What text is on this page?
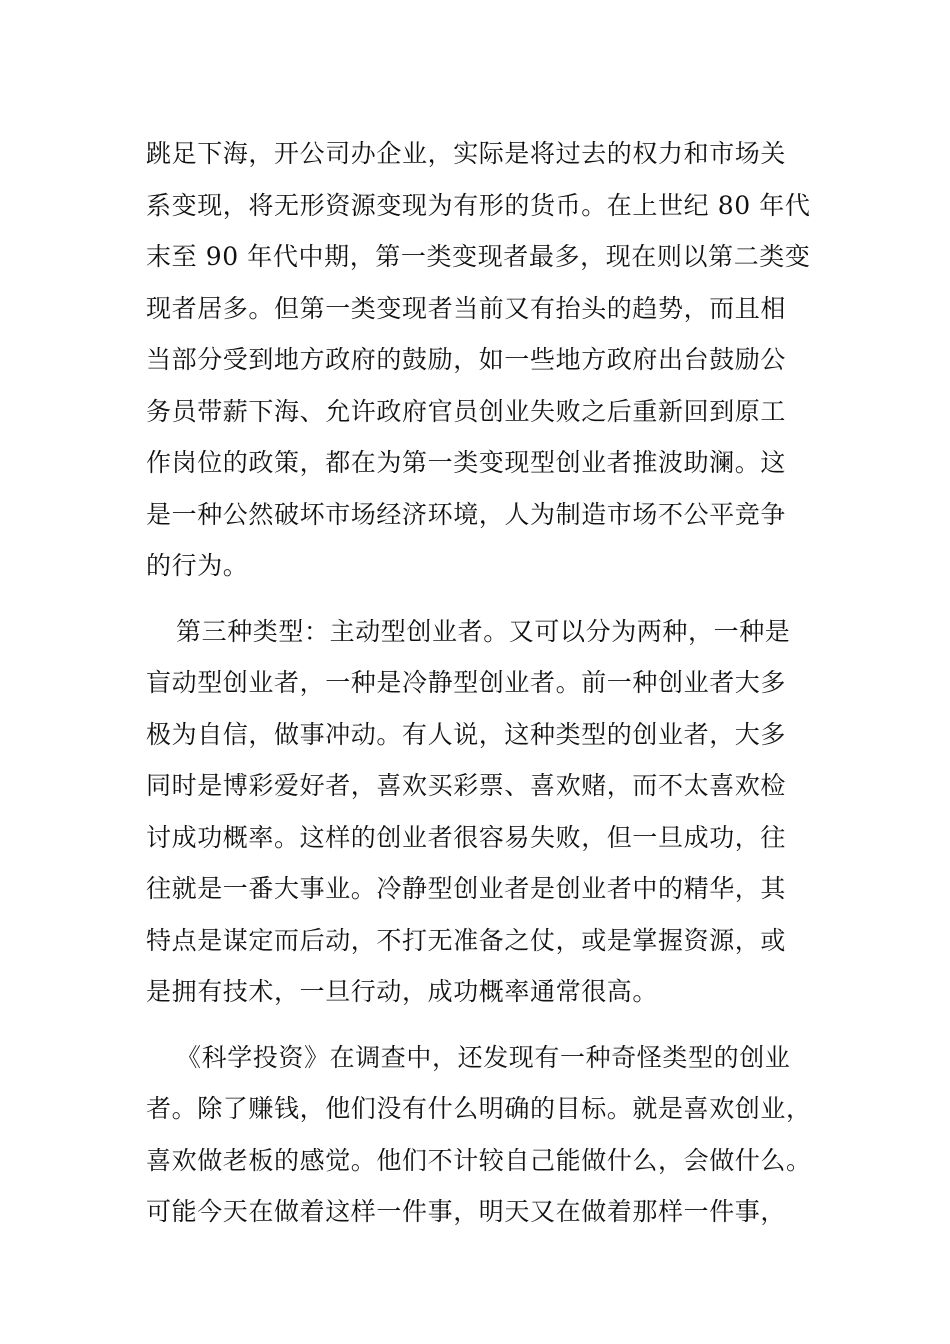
跳足下海，开公司办企业，实际是将过去的权力和市场关
系变现，将无形资源变现为有形的货币。在上世纪 80 年代
末至 90 年代中期，第一类变现者最多，现在则以第二类变
现者居多。但第一类变现者当前又有抬头的趋势，而且相
当部分受到地方政府的鼓励，如一些地方政府出台鼓励公
务员带薪下海、允许政府官员创业失败之后重新回到原工
作岗位的政策，都在为第一类变现型创业者推波助澜。这
是一种公然破坏市场经济环境，人为制造市场不公平竞争
的行为。
第三种类型：主动型创业者。又可以分为两种，一种是
盲动型创业者，一种是冷静型创业者。前一种创业者大多
极为自信，做事冲动。有人说，这种类型的创业者，大多
同时是博彩爱好者，喜欢买彩票、喜欢赌，而不太喜欢检
讨成功概率。这样的创业者很容易失败，但一旦成功，往
往就是一番大事业。冷静型创业者是创业者中的精华，其
特点是谋定而后动，不打无准备之仗，或是掌握资源，或
是拥有技术，一旦行动，成功概率通常很高。
《科学投资》在调查中，还发现有一种奇怪类型的创业
者。除了赚钱，他们没有什么明确的目标。就是喜欢创业，
喜欢做老板的感觉。他们不计较自己能做什么，会做什么。
可能今天在做着这样一件事，明天又在做着那样一件事，
